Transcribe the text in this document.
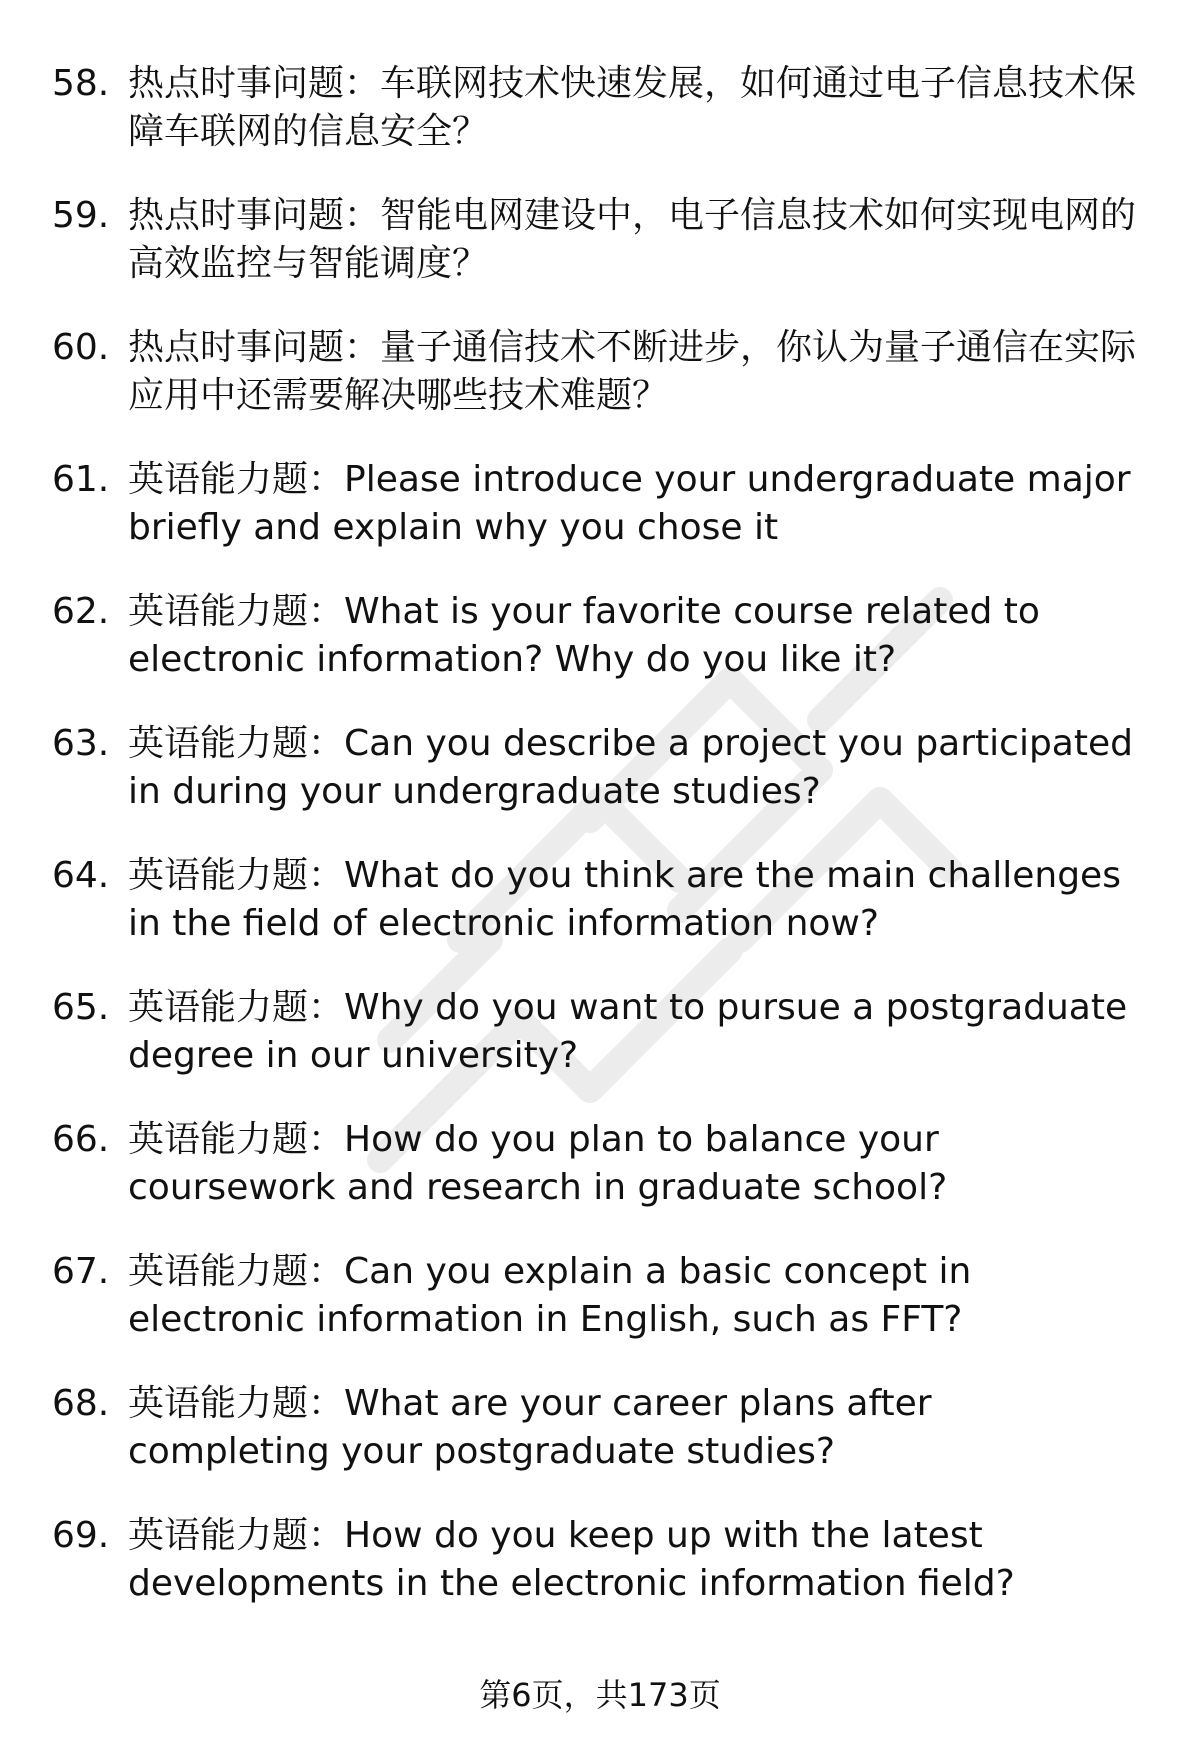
58. 热点时事问题：车联网技术快速发展，如何通过电子信息技术保障车联网的信息安全？
59. 热点时事问题：智能电网建设中，电子信息技术如何实现电网的高效监控与智能调度？
60. 热点时事问题：量子通信技术不断进步，你认为量子通信在实际应用中还需要解决哪些技术难题？
61. 英语能力题：Please introduce your undergraduate major briefly and explain why you chose it
62. 英语能力题：What is your favorite course related to electronic information? Why do you like it?
63. 英语能力题：Can you describe a project you participated in during your undergraduate studies?
64. 英语能力题：What do you think are the main challenges in the field of electronic information now?
65. 英语能力题：Why do you want to pursue a postgraduate degree in our university?
66. 英语能力题：How do you plan to balance your coursework and research in graduate school?
67. 英语能力题：Can you explain a basic concept in electronic information in English, such as FFT?
68. 英语能力题：What are your career plans after completing your postgraduate studies?
69. 英语能力题：How do you keep up with the latest developments in the electronic information field?
第6页，共173页
